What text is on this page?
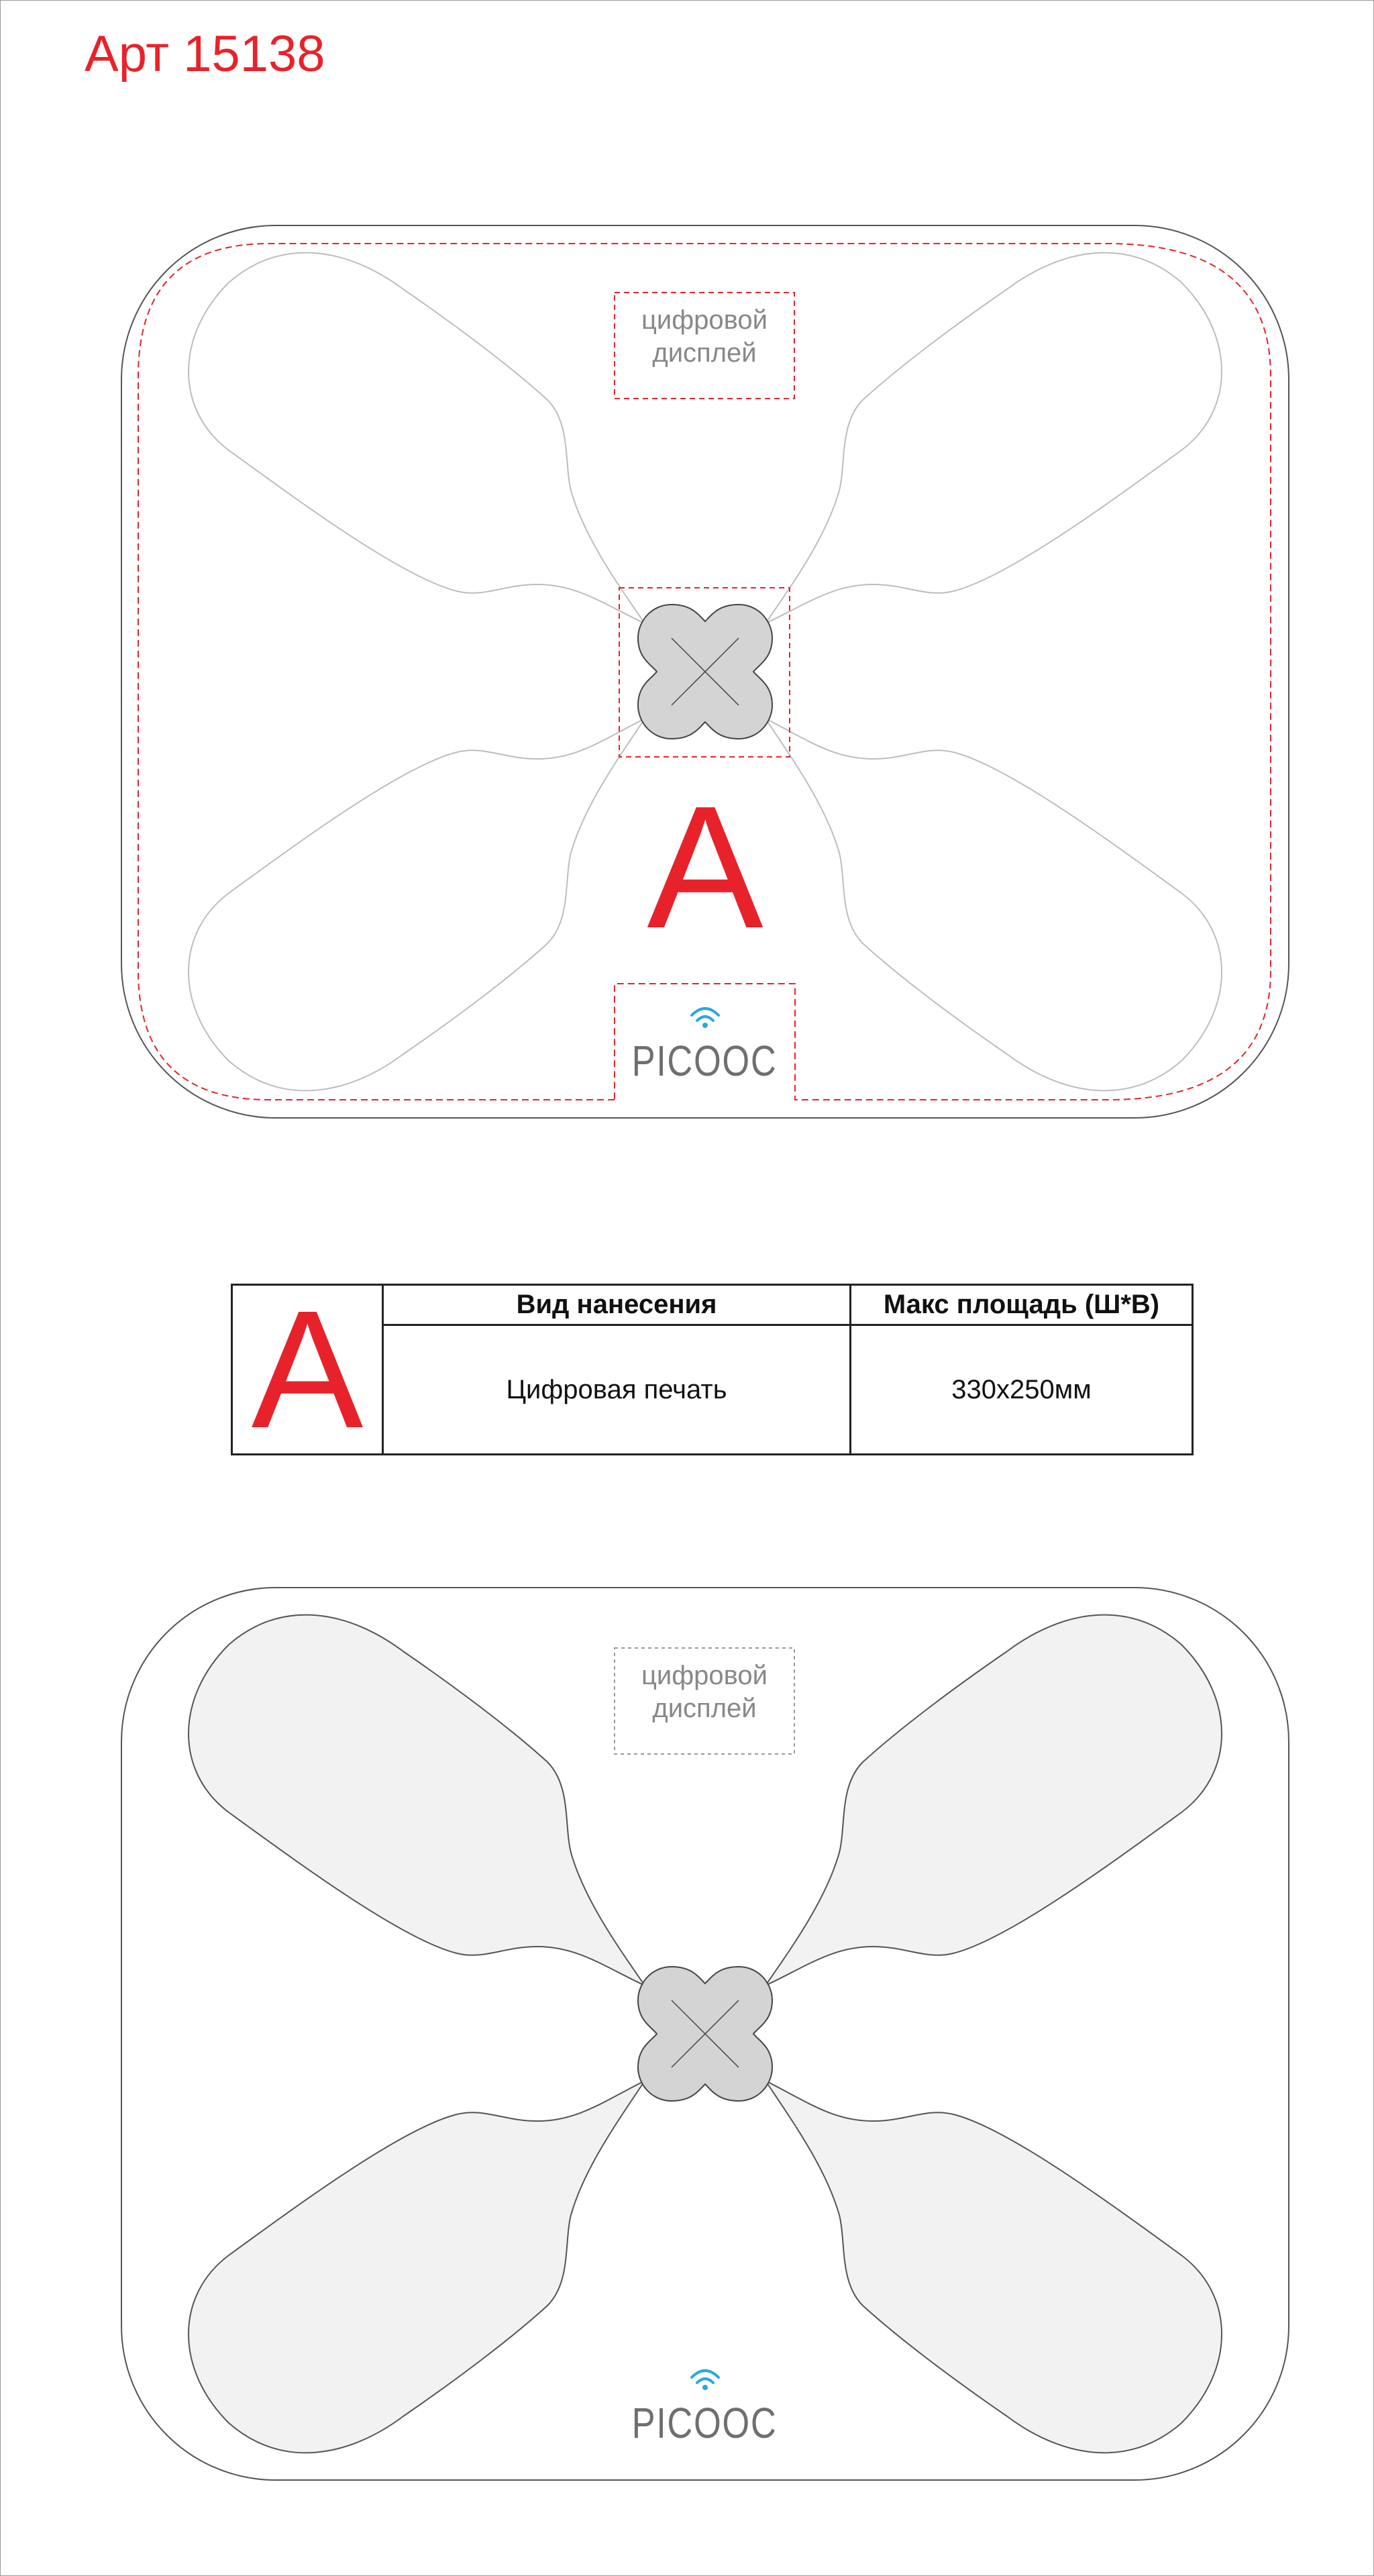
Арт 15138
цифровой
дисплей
PICOOC
A
A	Вид нанесения	Макс площадь (Ш*В)
	Цифровая печать	330х250мм
цифровой
дисплей
PICOOC
